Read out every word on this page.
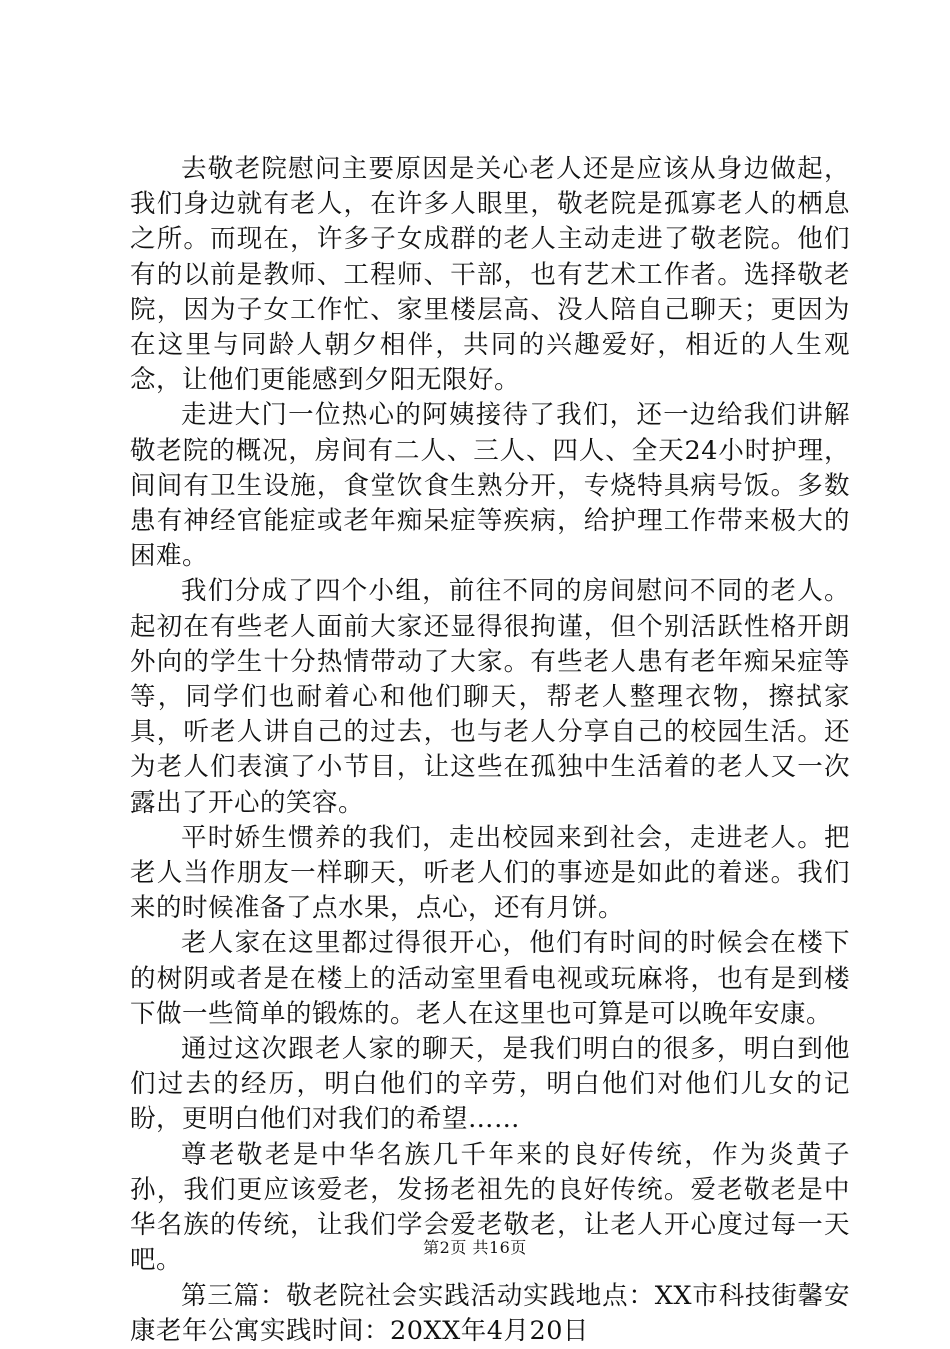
去敬老院慰问主要原因是关心老人还是应该从身边做起，我们身边就有老人，在许多人眼里，敬老院是孤寡老人的栖息之所。而现在，许多子女成群的老人主动走进了敬老院。他们有的以前是教师、工程师、干部，也有艺术工作者。选择敬老院，因为子女工作忙、家里楼层高、没人陪自己聊天；更因为在这里与同龄人朝夕相伴，共同的兴趣爱好，相近的人生观念，让他们更能感到夕阳无限好。

走进大门一位热心的阿姨接待了我们，还一边给我们讲解敬老院的概况，房间有二人、三人、四人、全天24小时护理，间间有卫生设施，食堂饮食生熟分开，专烧特具病号饭。多数患有神经官能症或老年痴呆症等疾病，给护理工作带来极大的困难。

我们分成了四个小组，前往不同的房间慰问不同的老人。起初在有些老人面前大家还显得很拘谨，但个别活跃性格开朗外向的学生十分热情带动了大家。有些老人患有老年痴呆症等等，同学们也耐着心和他们聊天，帮老人整理衣物，擦拭家具，听老人讲自己的过去，也与老人分享自己的校园生活。还为老人们表演了小节目，让这些在孤独中生活着的老人又一次露出了开心的笑容。

平时娇生惯养的我们，走出校园来到社会，走进老人。把老人当作朋友一样聊天，听老人们的事迹是如此的着迷。我们来的时候准备了点水果，点心，还有月饼。

老人家在这里都过得很开心，他们有时间的时候会在楼下的树阴或者是在楼上的活动室里看电视或玩麻将，也有是到楼下做一些简单的锻炼的。老人在这里也可算是可以晚年安康。

通过这次跟老人家的聊天，是我们明白的很多，明白到他们过去的经历，明白他们的辛劳，明白他们对他们儿女的记盼，更明白他们对我们的希望……

尊老敬老是中华名族几千年来的良好传统，作为炎黄子孙，我们更应该爱老，发扬老祖先的良好传统。爱老敬老是中华名族的传统，让我们学会爱老敬老，让老人开心度过每一天吧。

第三篇：敬老院社会实践活动实践地点：XX市科技街馨安康老年公寓实践时间：20XX年4月20日

第2页 共16页
